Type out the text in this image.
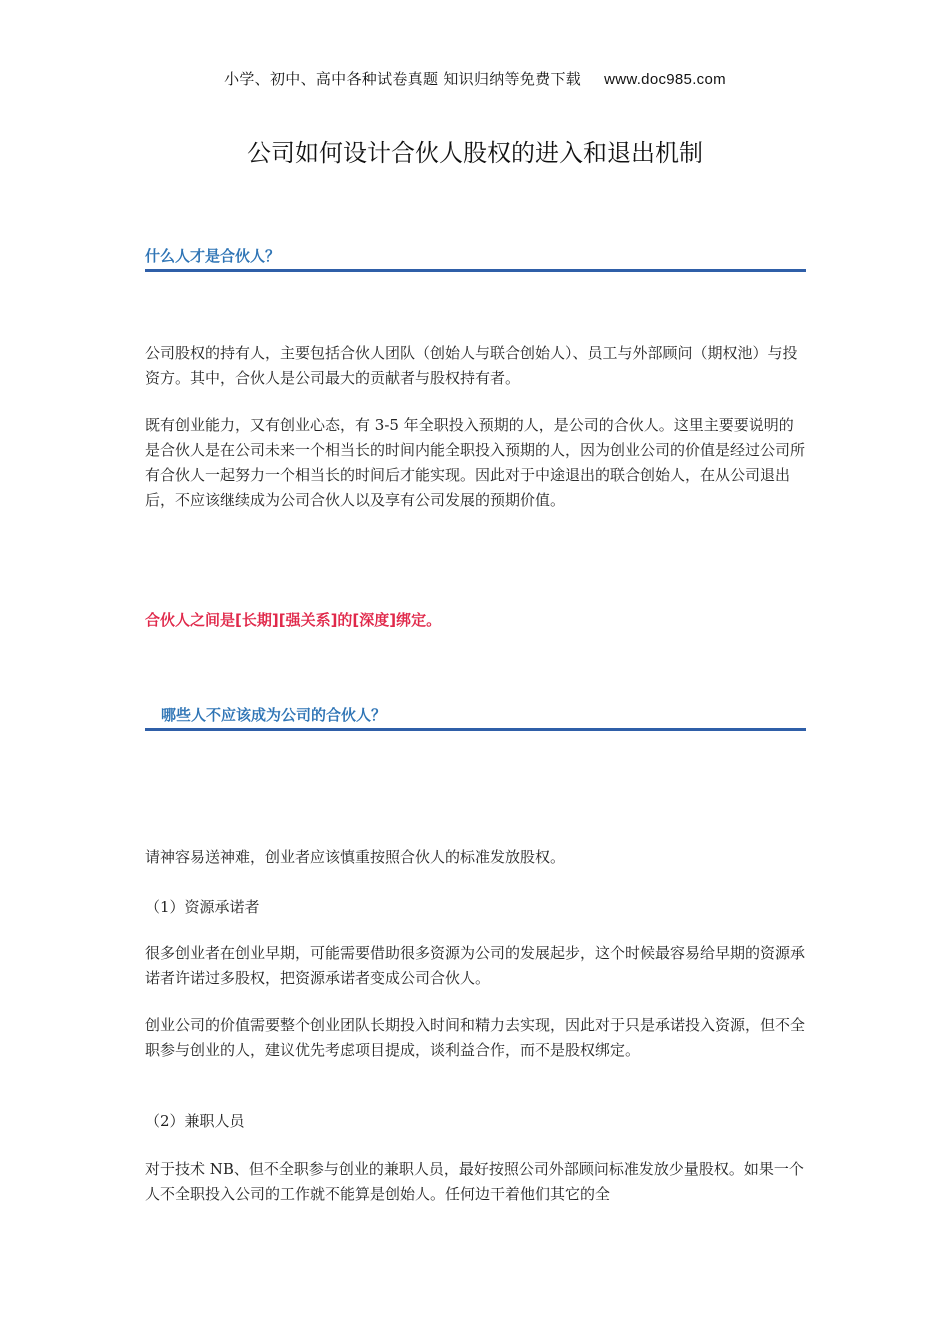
小学、初中、高中各种试卷真题 知识归纳等免费下载 www.doc985.com
公司如何设计合伙人股权的进入和退出机制
什么人才是合伙人？
公司股权的持有人，主要包括合伙人团队（创始人与联合创始人）、员工与外部顾问（期权池）与投资方。其中，合伙人是公司最大的贡献者与股权持有者。
既有创业能力，又有创业心态，有 3-5 年全职投入预期的人，是公司的合伙人。这里主要要说明的是合伙人是在公司未来一个相当长的时间内能全职投入预期的人，因为创业公司的价值是经过公司所有合伙人一起努力一个相当长的时间后才能实现。因此对于中途退出的联合创始人，在从公司退出后，不应该继续成为公司合伙人以及享有公司发展的预期价值。
合伙人之间是[长期][强关系]的[深度]绑定。
哪些人不应该成为公司的合伙人？
请神容易送神难，创业者应该慎重按照合伙人的标准发放股权。
（1）资源承诺者
很多创业者在创业早期，可能需要借助很多资源为公司的发展起步，这个时候最容易给早期的资源承诺者许诺过多股权，把资源承诺者变成公司合伙人。
创业公司的价值需要整个创业团队长期投入时间和精力去实现，因此对于只是承诺投入资源，但不全职参与创业的人，建议优先考虑项目提成，谈利益合作，而不是股权绑定。
（2）兼职人员
对于技术 NB、但不全职参与创业的兼职人员，最好按照公司外部顾问标准发放少量股权。如果一个人不全职投入公司的工作就不能算是创始人。任何边干着他们其它的全
